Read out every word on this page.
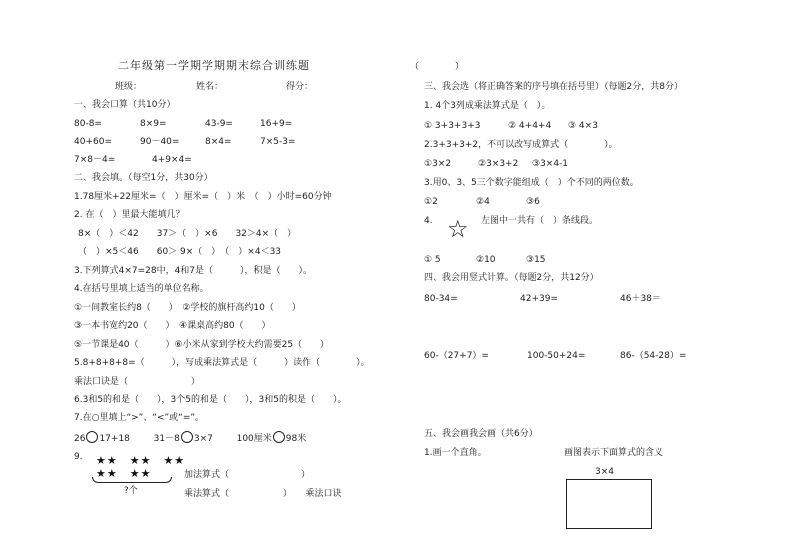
二年级第一学期学期期末综合训练题	（　　　　）
班级：	姓名：	得分：
一、我会口算（共10分）
80-8=	8×9=	43-9=	16+9=
40+60=	90－40=	8×4=	7×5-3=
7×8－4=	4+9×4=
二、我会填。（每空1分，共30分）
1.78厘米+22厘米=（　）厘米=（　）米　（　）小时=60分钟
2. 在（　）里最大能填几？
8×（　）＜42　　37＞（　）×6　　32＞4×（　）
（　）×5＜46　　60＞ 9×（　）　（　）×4＜33
3.下列算式4×7=28中，4和7是（　　　），积是（　　）。
4.在括号里填上适当的单位名称。
①一间教室长约8（　　）　②学校的旗杆高约10（　　）
③一本书宽约20（　　）　④课桌高约80（　　）
⑤一节课是40（　　　）⑥小米从家到学校大约需要25（　　）
5.8+8+8+8=（　　　），写成乘法算式是（　　　）读作（　　　　）。
乘法口诀是（　　　　　　　）
6.3和5的和是（　　），3个5的和是（　　），3和5的积是（　　）。
7.在○里填上“>”、“<”或“=”。
26 17+18	31－8 3×7	100厘米 98米
9. ★★　★★　★★
★★　★★
?个
加法算式（　　　　　　　　）
乘法算式（　　　　　　）　　乘法口诀
三、我会选（将正确答案的序号填在括号里）（每题2分，共8分）
1. 4个3列成乘法算式是（　）。
① 3+3+3+3	② 4+4+4 ③ 4×3
2.3+3+3+2，不可以改写成算式（　　　　）。
①3×2	②3×3+2 ③3×4-1
3.用0、3、5三个数字能组成（　）个不同的两位数。
①2	②4	③6
4. ☆ 左图中一共有（　）条线段。
① 5	②10	③15
四、我会用竖式计算。（每题2分，共12分）
80-34=	42+39=	46＋38＝
60-（27+7）=	100-50+24=	86-（54-28）=
五、我会画我会画（共6分）
1.画一个直角。	画图表示下面算式的含义
3×4
